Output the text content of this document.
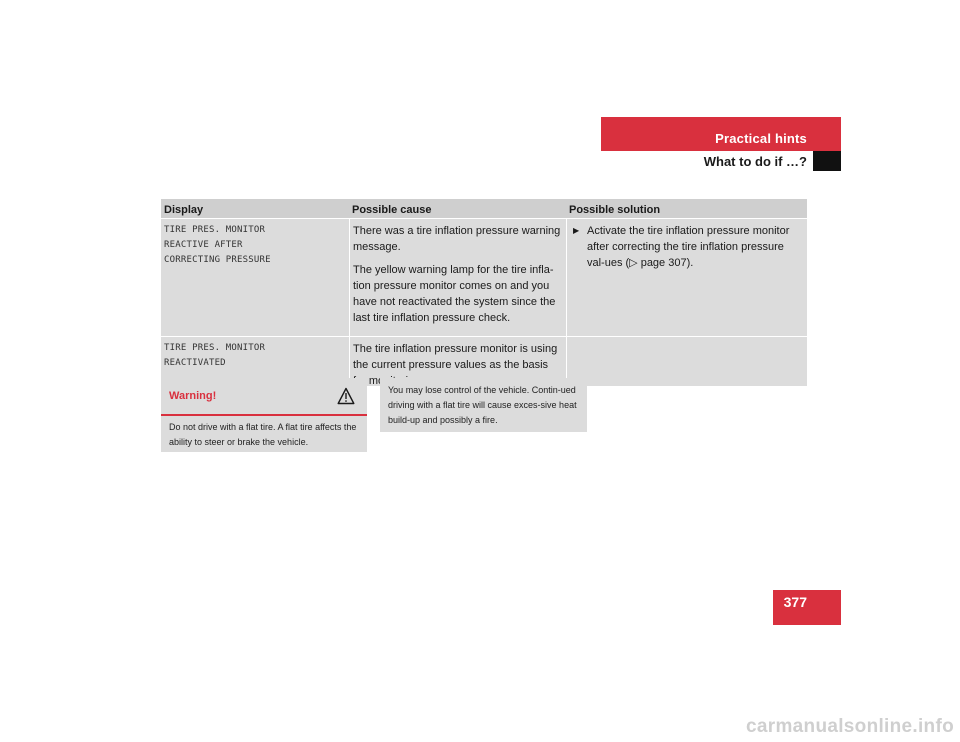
Practical hints
What to do if …?
Display	Possible cause	Possible solution
TIRE PRES. MONITOR
REACTIVE AFTER
CORRECTING PRESSURE

There was a tire inflation pressure warning message.

The yellow warning lamp for the tire infla-tion pressure monitor comes on and you have not reactivated the system since the last tire inflation pressure check.

▶ Activate the tire inflation pressure monitor after correcting the tire inflation pressure val-ues (▷ page 307).
TIRE PRES. MONITOR
REACTIVATED

The tire inflation pressure monitor is using the current pressure values as the basis

Warning!
Do not drive with a flat tire. A flat tire affects the ability to steer or brake the vehicle.
You may lose control of the vehicle. Contin-ued driving with a flat tire will cause exces-sive heat build-up and possibly a fire.
377
carmanualsonline.info
